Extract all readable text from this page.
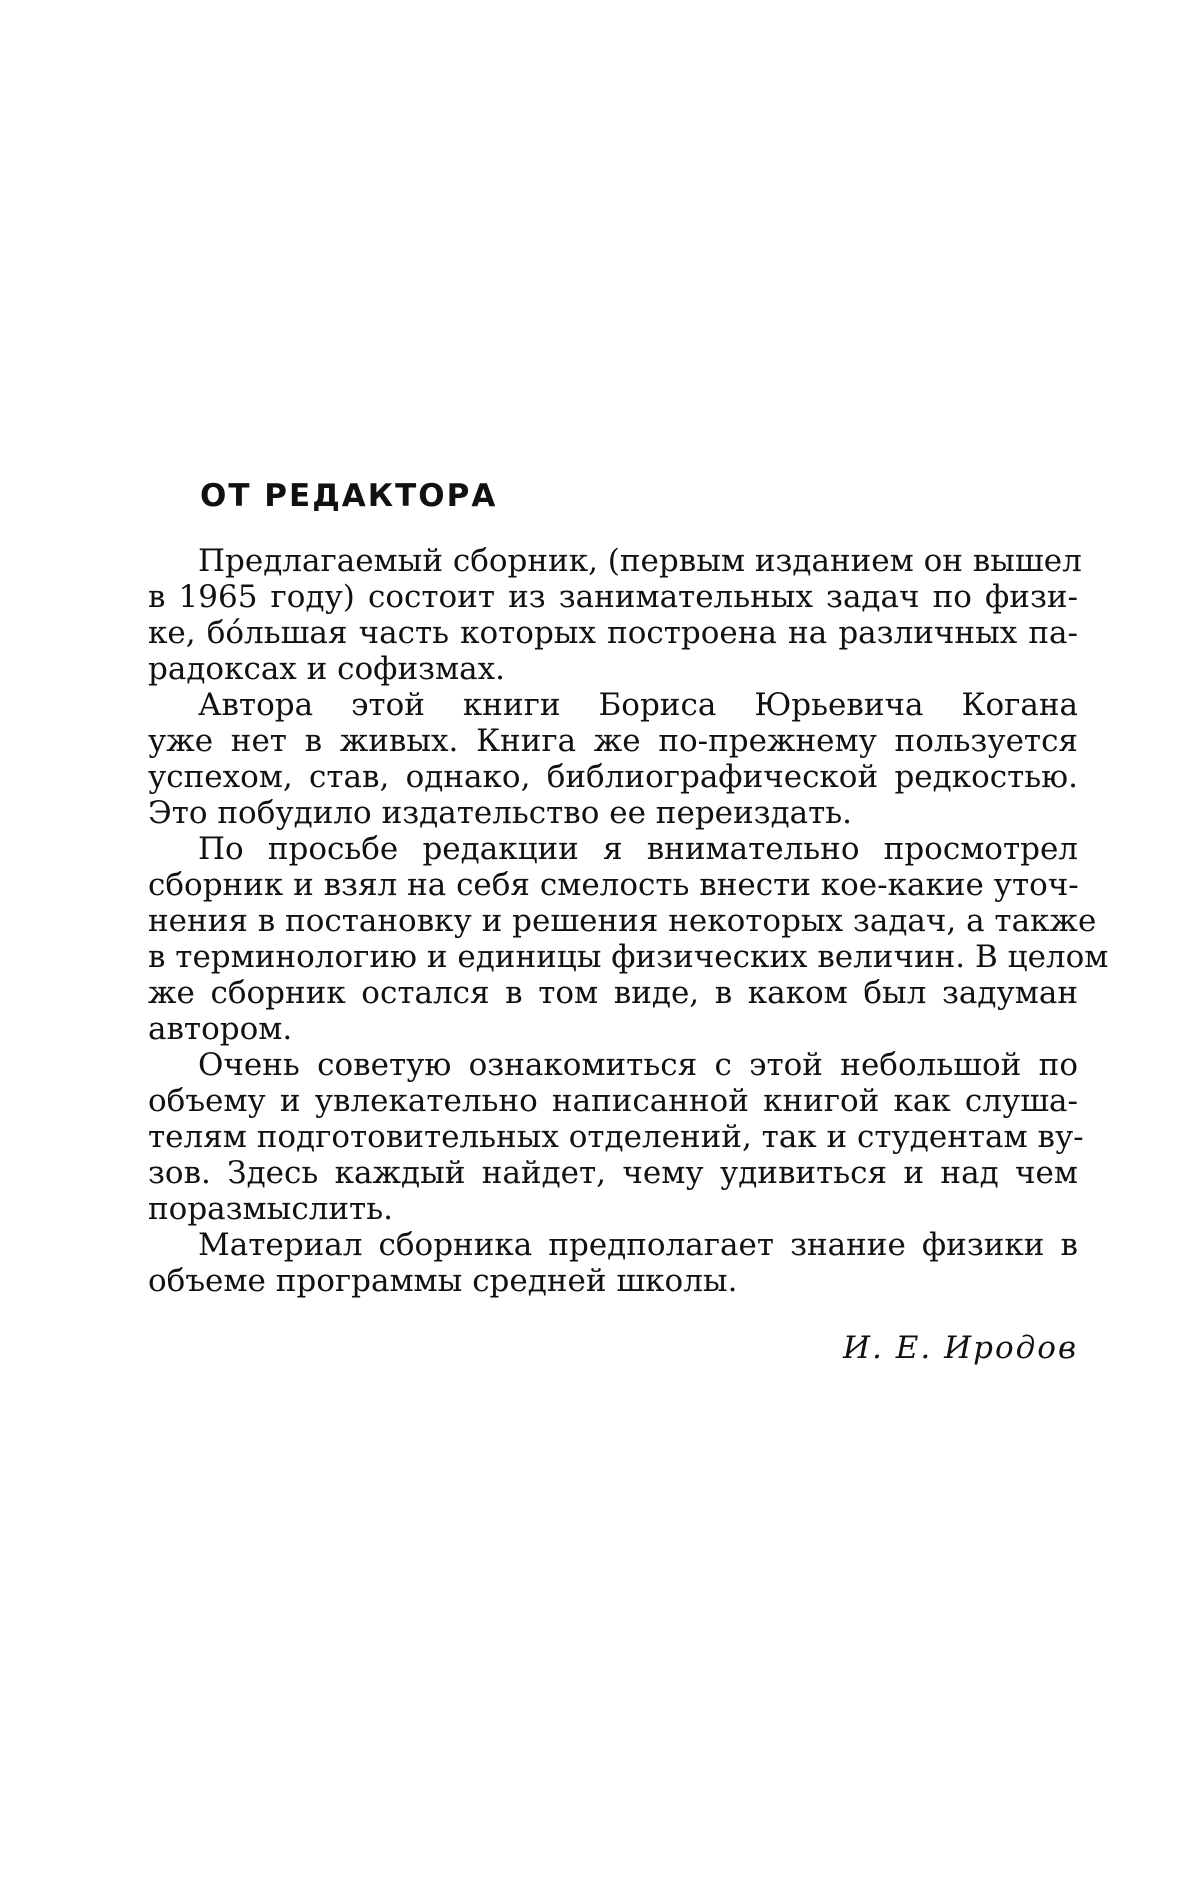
ОТ РЕДАКТОРА
Предлагаемый сборник, (первым изданием он вышел
в 1965 году) состоит из занимательных задач по физи-
ке, бóльшая часть которых построена на различных па-
радоксах и софизмах.
Автора этой книги Бориса Юрьевича Когана
уже нет в живых. Книга же по-прежнему пользуется
успехом, став, однако, библиографической редкостью.
Это побудило издательство ее переиздать.
По просьбе редакции я внимательно просмотрел
сборник и взял на себя смелость внести кое-какие уточ-
нения в постановку и решения некоторых задач, а также
в терминологию и единицы физических величин. В целом
же сборник остался в том виде, в каком был задуман
автором.
Очень советую ознакомиться с этой небольшой по
объему и увлекательно написанной книгой как слуша-
телям подготовительных отделений, так и студентам ву-
зов. Здесь каждый найдет, чему удивиться и над чем
поразмыслить.
Материал сборника предполагает знание физики в
объеме программы средней школы.
И. Е. Иродов
